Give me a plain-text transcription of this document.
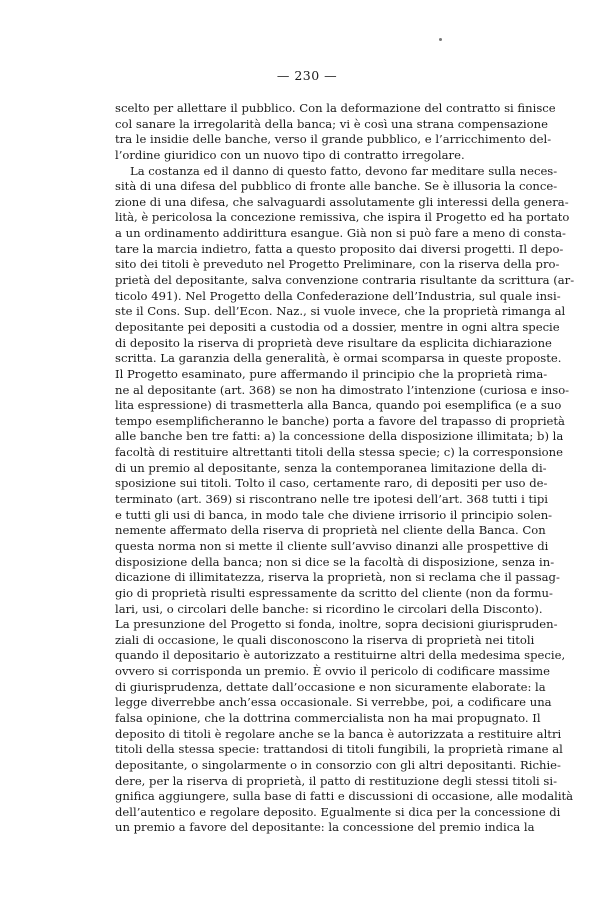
— 230 —
scelto per allettare il pubblico. Con la deformazione del contratto si finisce
col sanare la irregolarità della banca; vi è così una strana compensazione
tra le insidie delle banche, verso il grande pubblico, e l’arricchimento del-
l’ordine giuridico con un nuovo tipo di contratto irregolare.
La costanza ed il danno di questo fatto, devono far meditare sulla neces-
sità di una difesa del pubblico di fronte alle banche. Se è illusoria la conce-
zione di una difesa, che salvaguardi assolutamente gli interessi della genera-
lità, è pericolosa la concezione remissiva, che ispira il Progetto ed ha portato
a un ordinamento addirittura esangue. Già non si può fare a meno di consta-
tare la marcia indietro, fatta a questo proposito dai diversi progetti. Il depo-
sito dei titoli è preveduto nel Progetto Preliminare, con la riserva della pro-
prietà del depositante, salva convenzione contraria risultante da scrittura (ar-
ticolo 491). Nel Progetto della Confederazione dell’Industria, sul quale insi-
ste il Cons. Sup. dell’Econ. Naz., si vuole invece, che la proprietà rimanga al
depositante pei depositi a custodia od a dossier, mentre in ogni altra specie
di deposito la riserva di proprietà deve risultare da esplicita dichiarazione
scritta. La garanzia della generalità, è ormai scomparsa in queste proposte.
Il Progetto esaminato, pure affermando il principio che la proprietà rima-
ne al depositante (art. 368) se non ha dimostrato l’intenzione (curiosa e inso-
lita espressione) di trasmetterla alla Banca, quando poi esemplifica (e a suo
tempo esemplificheranno le banche) porta a favore del trapasso di proprietà
alle banche ben tre fatti: a) la concessione della disposizione illimitata; b) la
facoltà di restituire altrettanti titoli della stessa specie; c) la corresponsione
di un premio al depositante, senza la contemporanea limitazione della di-
sposizione sui titoli. Tolto il caso, certamente raro, di depositi per uso de-
terminato (art. 369) si riscontrano nelle tre ipotesi dell’art. 368 tutti i tipi
e tutti gli usi di banca, in modo tale che diviene irrisorio il principio solen-
nemente affermato della riserva di proprietà nel cliente della Banca. Con
questa norma non si mette il cliente sull’avviso dinanzi alle prospettive di
disposizione della banca; non si dice se la facoltà di disposizione, senza in-
dicazione di illimitatezza, riserva la proprietà, non si reclama che il passag-
gio di proprietà risulti espressamente da scritto del cliente (non da formu-
lari, usi, o circolari delle banche: si ricordino le circolari della Disconto).
La presunzione del Progetto si fonda, inoltre, sopra decisioni giurispruden-
ziali di occasione, le quali disconoscono la riserva di proprietà nei titoli
quando il depositario è autorizzato a restituirne altri della medesima specie,
ovvero si corrisponda un premio. È ovvio il pericolo di codificare massime
di giurisprudenza, dettate dall’occasione e non sicuramente elaborate: la
legge diverrebbe anch’essa occasionale. Si verrebbe, poi, a codificare una
falsa opinione, che la dottrina commercialista non ha mai propugnato. Il
deposito di titoli è regolare anche se la banca è autorizzata a restituire altri
titoli della stessa specie: trattandosi di titoli fungibili, la proprietà rimane al
depositante, o singolarmente o in consorzio con gli altri depositanti. Richie-
dere, per la riserva di proprietà, il patto di restituzione degli stessi titoli si-
gnifica aggiungere, sulla base di fatti e discussioni di occasione, alle modalità
dell’autentico e regolare deposito. Egualmente si dica per la concessione di
un premio a favore del depositante: la concessione del premio indica la
